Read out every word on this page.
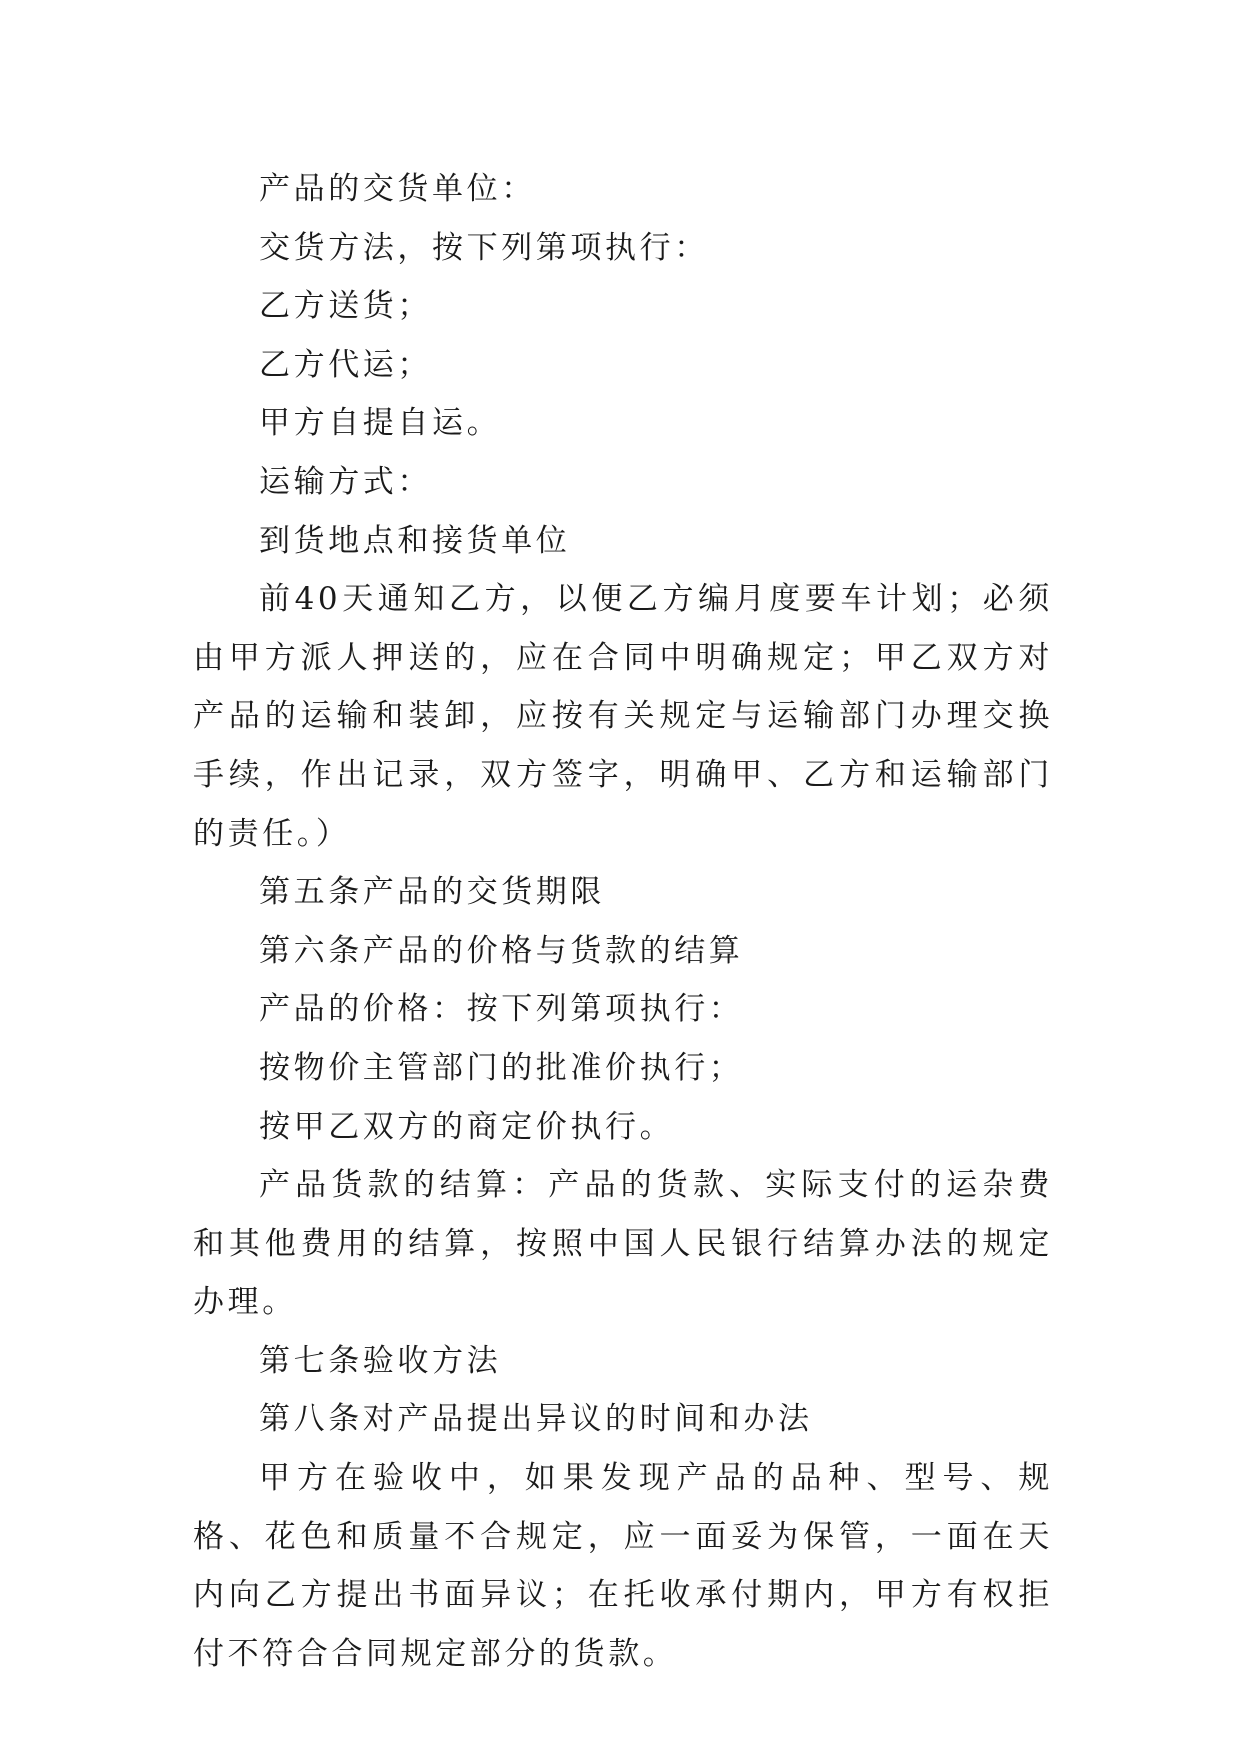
产品的交货单位：

交货方法，按下列第项执行：

乙方送货；

乙方代运；

甲方自提自运。

运输方式：

到货地点和接货单位

前40天通知乙方，以便乙方编月度要车计划；必须由甲方派人押送的，应在合同中明确规定；甲乙双方对产品的运输和装卸，应按有关规定与运输部门办理交换手续，作出记录，双方签字，明确甲、乙方和运输部门的责任。）

第五条产品的交货期限

第六条产品的价格与货款的结算

产品的价格：按下列第项执行：

按物价主管部门的批准价执行；

按甲乙双方的商定价执行。

产品货款的结算：产品的货款、实际支付的运杂费和其他费用的结算，按照中国人民银行结算办法的规定办理。

第七条验收方法

第八条对产品提出异议的时间和办法

甲方在验收中，如果发现产品的品种、型号、规格、花色和质量不合规定，应一面妥为保管，一面在天内向乙方提出书面异议；在托收承付期内，甲方有权拒付不符合合同规定部分的货款。
